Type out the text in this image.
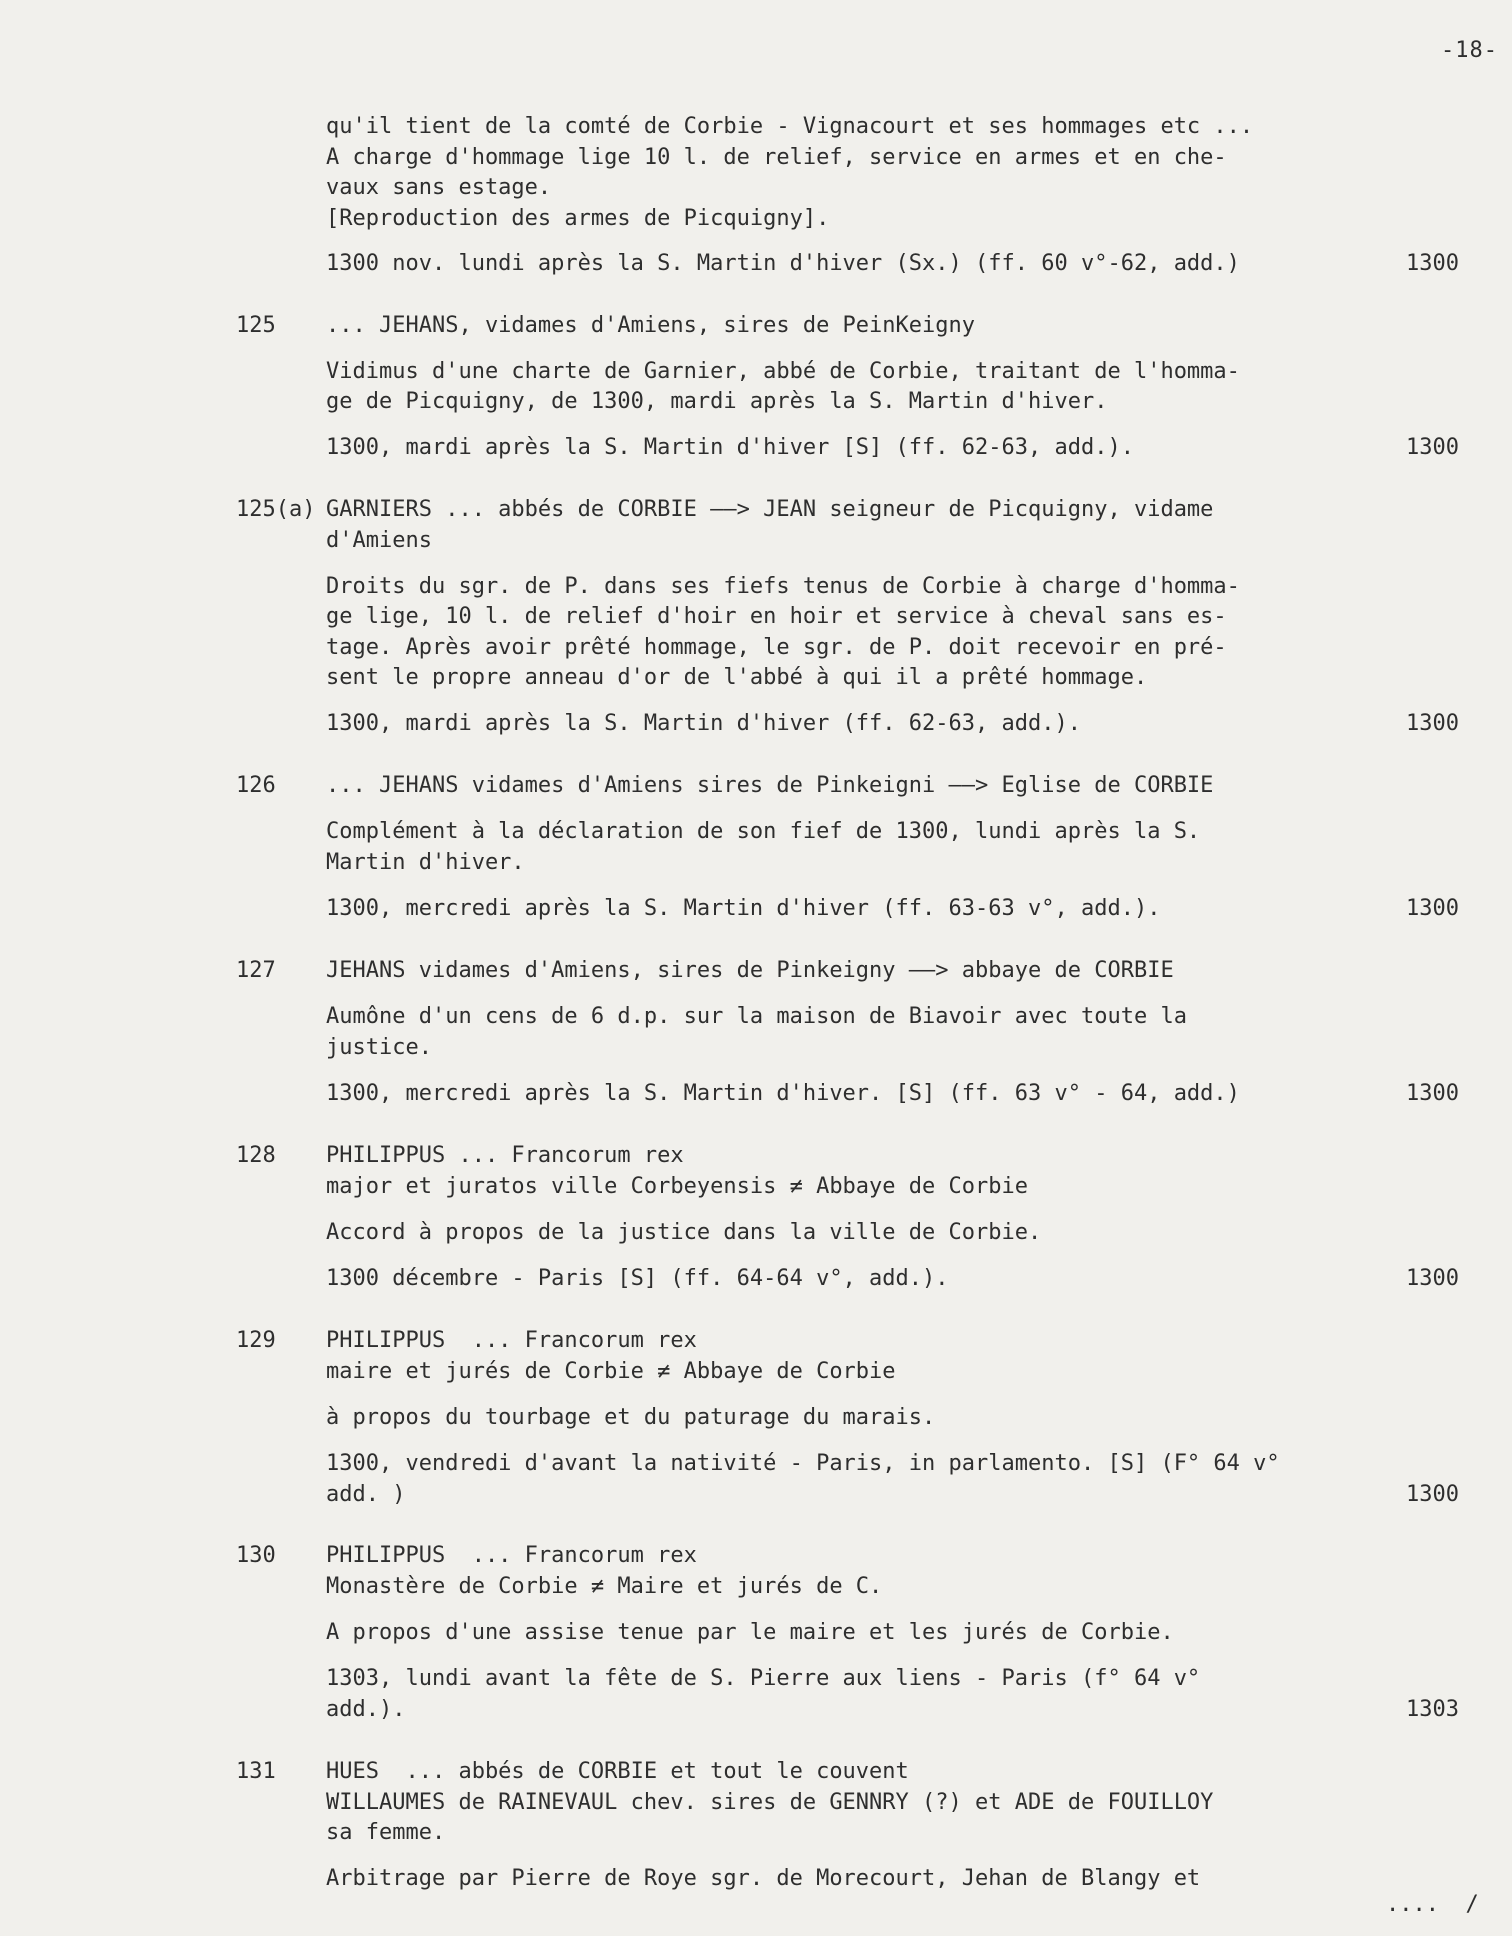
-18-
qu'il tient de la comté de Corbie - Vignacourt et ses hommages etc ...
A charge d'hommage lige 10 l. de relief, service en armes et en che-
vaux sans estage.
[Reproduction des armes de Picquigny].
1300 nov. lundi après la S. Martin d'hiver (Sx.) (ff. 60 v°-62, add.)
... JEHANS, vidames d'Amiens, sires de PeinKeigny
Vidimus d'une charte de Garnier, abbé de Corbie, traitant de l'homma-
ge de Picquigny, de 1300, mardi après la S. Martin d'hiver.
1300, mardi après la S. Martin d'hiver [S] (ff. 62-63, add.).
GARNIERS ... abbés de CORBIE ——> JEAN seigneur de Picquigny, vidame
d'Amiens
Droits du sgr. de P. dans ses fiefs tenus de Corbie à charge d'homma-
ge lige, 10 l. de relief d'hoir en hoir et service à cheval sans es-
tage. Après avoir prêté hommage, le sgr. de P. doit recevoir en pré-
sent le propre anneau d'or de l'abbé à qui il a prêté hommage.
1300, mardi après la S. Martin d'hiver (ff. 62-63, add.).
... JEHANS vidames d'Amiens sires de Pinkeigni ——> Eglise de CORBIE
Complément à la déclaration de son fief de 1300, lundi après la S.
Martin d'hiver.
1300, mercredi après la S. Martin d'hiver (ff. 63-63 v°, add.).
JEHANS vidames d'Amiens, sires de Pinkeigny ——> abbaye de CORBIE
Aumône d'un cens de 6 d.p. sur la maison de Biavoir avec toute la
justice.
1300, mercredi après la S. Martin d'hiver. [S] (ff. 63 v° - 64, add.)
PHILIPPUS ... Francorum rex
major et juratos ville Corbeyensis ≠ Abbaye de Corbie
Accord à propos de la justice dans la ville de Corbie.
1300 décembre - Paris [S] (ff. 64-64 v°, add.).
PHILIPPUS  ... Francorum rex
maire et jurés de Corbie ≠ Abbaye de Corbie
à propos du tourbage et du paturage du marais.
1300, vendredi d'avant la nativité - Paris, in parlamento. [S] (F° 64 v°
add. )
PHILIPPUS  ... Francorum rex
Monastère de Corbie ≠ Maire et jurés de C.
A propos d'une assise tenue par le maire et les jurés de Corbie.
1303, lundi avant la fête de S. Pierre aux liens - Paris (f° 64 v°
add.).
HUES  ... abbés de CORBIE et tout le couvent
WILLAUMES de RAINEVAUL chev. sires de GENNRY (?) et ADE de FOUILLOY
sa femme.
Arbitrage par Pierre de Roye sgr. de Morecourt, Jehan de Blangy et
125
125(a)
126
127
128
129
130
131
1300
1300
1300
1300
1300
1300
1300
1303
....  /
